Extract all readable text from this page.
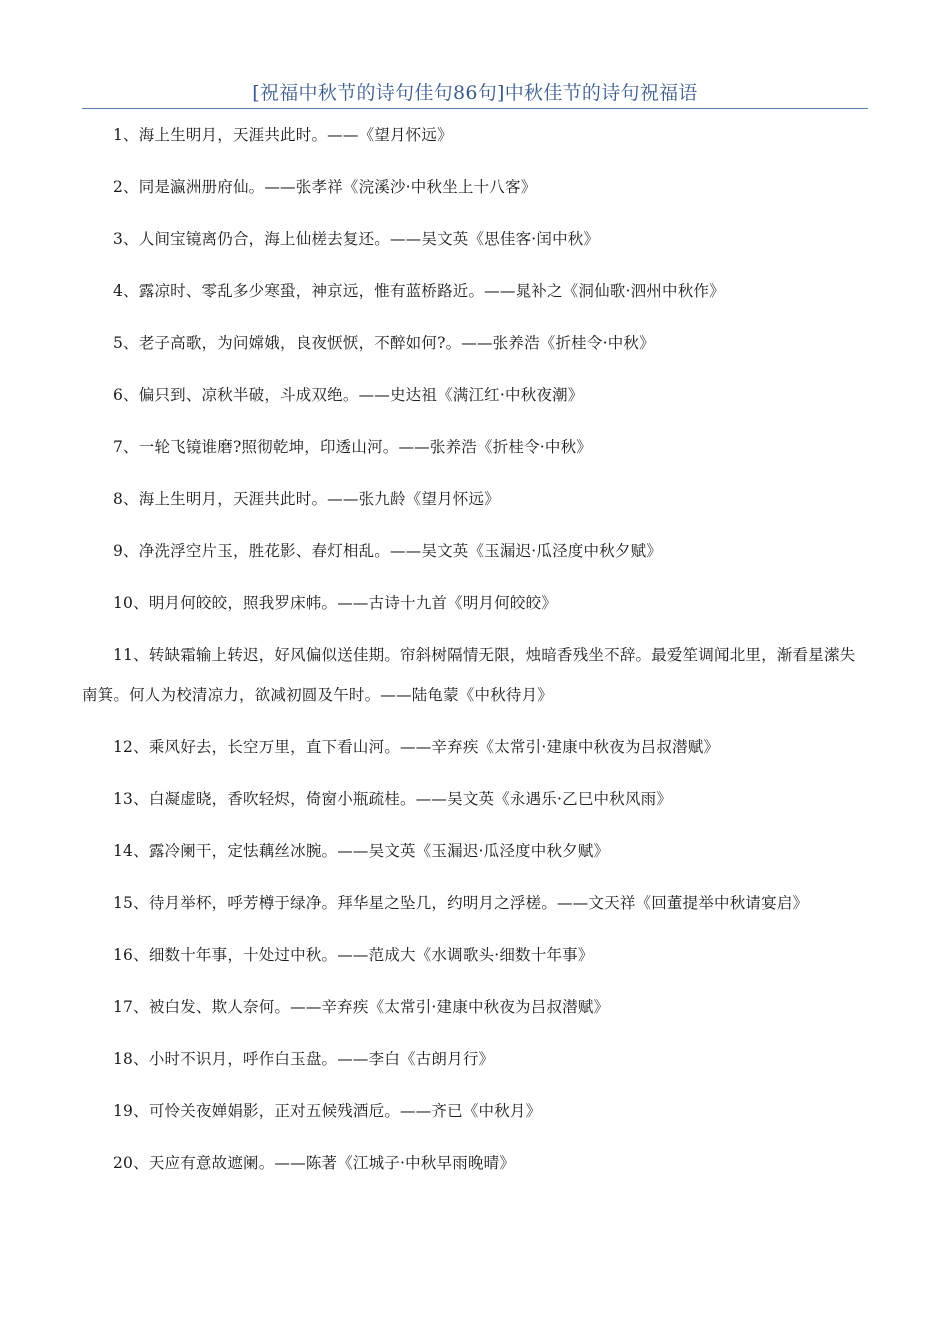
[祝福中秋节的诗句佳句86句]中秋佳节的诗句祝福语

1、海上生明月，天涯共此时。——《望月怀远》

2、同是瀛洲册府仙。——张孝祥《浣溪沙·中秋坐上十八客》

3、人间宝镜离仍合，海上仙槎去复还。——吴文英《思佳客·闰中秋》

4、露凉时、零乱多少寒蛩，神京远，惟有蓝桥路近。——晁补之《洞仙歌·泗州中秋作》

5、老子高歌，为问嫦娥，良夜恹恹，不醉如何?。——张养浩《折桂令·中秋》

6、偏只到、凉秋半破，斗成双绝。——史达祖《满江红·中秋夜潮》

7、一轮飞镜谁磨?照彻乾坤，印透山河。——张养浩《折桂令·中秋》

8、海上生明月，天涯共此时。——张九龄《望月怀远》

9、净洗浮空片玉，胜花影、春灯相乱。——吴文英《玉漏迟·瓜泾度中秋夕赋》

10、明月何皎皎，照我罗床帏。——古诗十九首《明月何皎皎》

11、转缺霜输上转迟，好风偏似送佳期。帘斜树隔情无限，烛暗香残坐不辞。最爱笙调闻北里，渐看星潆失南箕。何人为校清凉力，欲减初圆及午时。——陆龟蒙《中秋待月》

12、乘风好去，长空万里，直下看山河。——辛弃疾《太常引·建康中秋夜为吕叔潜赋》

13、白凝虚晓，香吹轻烬，倚窗小瓶疏桂。——吴文英《永遇乐·乙巳中秋风雨》

14、露冷阑干，定怯藕丝冰腕。——吴文英《玉漏迟·瓜泾度中秋夕赋》

15、待月举杯，呼芳樽于绿净。拜华星之坠几，约明月之浮槎。——文天祥《回董提举中秋请宴启》

16、细数十年事，十处过中秋。——范成大《水调歌头·细数十年事》

17、被白发、欺人奈何。——辛弃疾《太常引·建康中秋夜为吕叔潜赋》

18、小时不识月，呼作白玉盘。——李白《古朗月行》

19、可怜关夜婵娟影，正对五候残酒卮。——齐已《中秋月》

20、天应有意故遮阑。——陈著《江城子·中秋早雨晚晴》
